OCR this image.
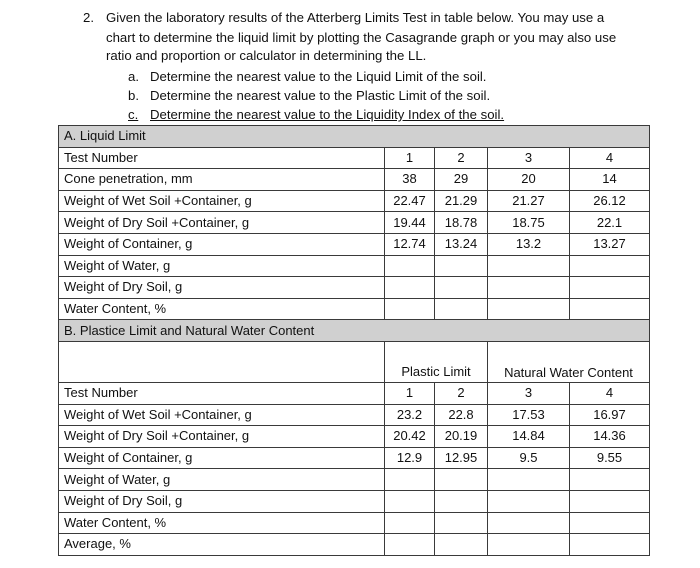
2. Given the laboratory results of the Atterberg Limits Test in table below. You may use a
chart to determine the liquid limit by plotting the Casagrande graph or you may also use
ratio and proportion or calculator in determining the LL.
a. Determine the nearest value to the Liquid Limit of the soil.
b. Determine the nearest value to the Plastic Limit of the soil.
c. Determine the nearest value to the Liquidity Index of the soil.
A. Liquid Limit				
Test Number	1	2	3	4
Cone penetration, mm	38	29	20	14
Weight of Wet Soil +Container, g	22.47	21.29	21.27	26.12
Weight of Dry Soil +Container, g	19.44	18.78	18.75	22.1
Weight of Container, g	12.74	13.24	13.2	13.27
Weight of Water, g				
Weight of Dry Soil, g				
Water Content, %				
B. Plastice Limit and Natural Water Content				
	Plastic Limit		Natural Water Content	

Test Number	1	2	3	4
Weight of Wet Soil +Container, g	23.2	22.8	17.53	16.97
Weight of Dry Soil +Container, g	20.42	20.19	14.84	14.36
Weight of Container, g	12.9	12.95	9.5	9.55
Weight of Water, g				
Weight of Dry Soil, g				
Water Content, %				
Average, %				
